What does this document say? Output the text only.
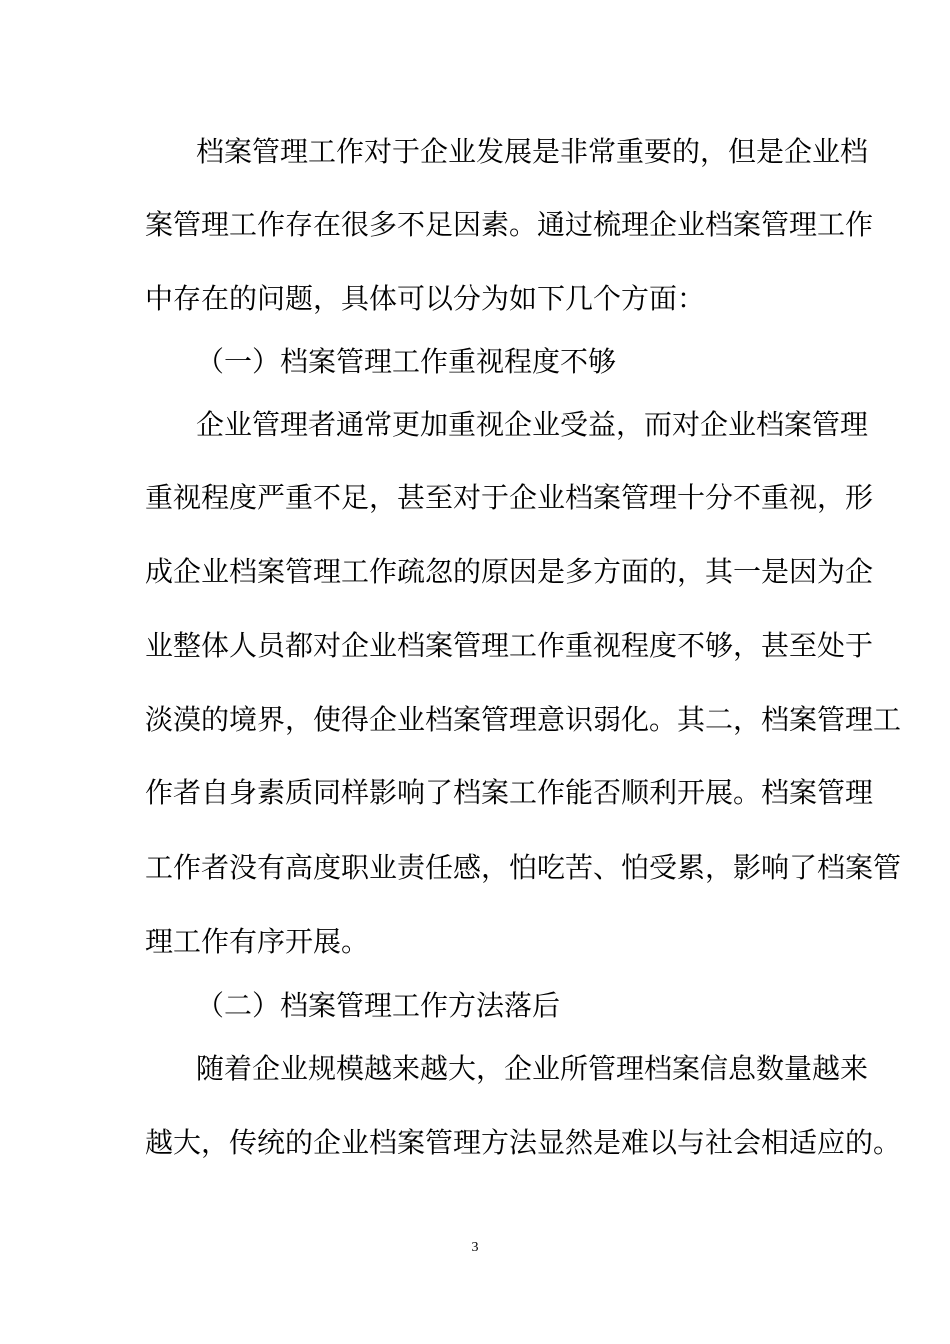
档案管理工作对于企业发展是非常重要的，但是企业档
案管理工作存在很多不足因素。通过梳理企业档案管理工作
中存在的问题，具体可以分为如下几个方面：
（一）档案管理工作重视程度不够
企业管理者通常更加重视企业受益，而对企业档案管理
重视程度严重不足，甚至对于企业档案管理十分不重视，形
成企业档案管理工作疏忽的原因是多方面的，其一是因为企
业整体人员都对企业档案管理工作重视程度不够，甚至处于
淡漠的境界，使得企业档案管理意识弱化。其二，档案管理工
作者自身素质同样影响了档案工作能否顺利开展。档案管理
工作者没有高度职业责任感，怕吃苦、怕受累，影响了档案管
理工作有序开展。
（二）档案管理工作方法落后
随着企业规模越来越大，企业所管理档案信息数量越来
越大，传统的企业档案管理方法显然是难以与社会相适应的。
3
